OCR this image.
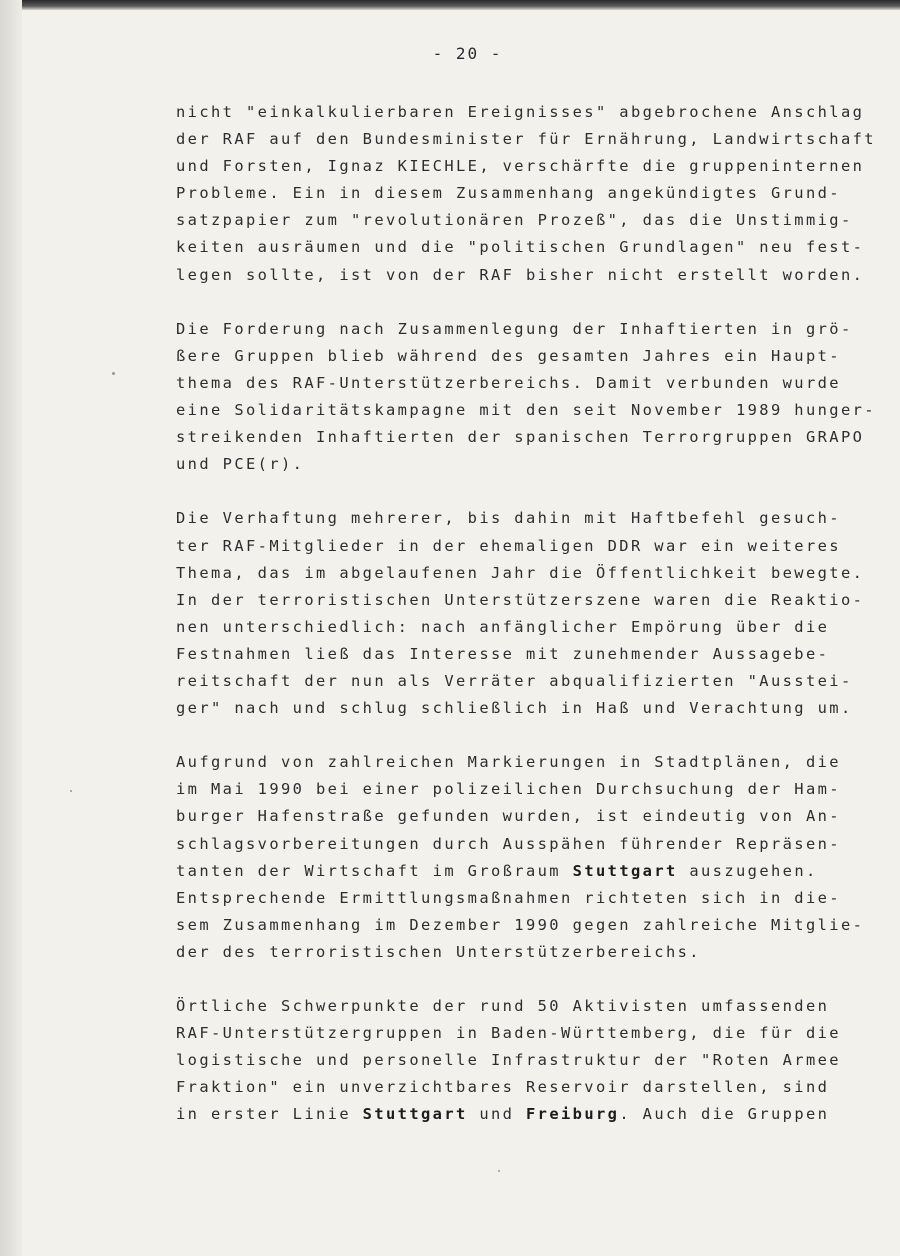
- 20 -
nicht "einkalkulierbaren Ereignisses" abgebrochene Anschlag
der RAF auf den Bundesminister für Ernährung, Landwirtschaft
und Forsten, Ignaz KIECHLE, verschärfte die gruppeninternen
Probleme. Ein in diesem Zusammenhang angekündigtes Grund-
satzpapier zum "revolutionären Prozeß", das die Unstimmig-
keiten ausräumen und die "politischen Grundlagen" neu fest-
legen sollte, ist von der RAF bisher nicht erstellt worden.
Die Forderung nach Zusammenlegung der Inhaftierten in grö-
ßere Gruppen blieb während des gesamten Jahres ein Haupt-
thema des RAF-Unterstützerbereichs. Damit verbunden wurde
eine Solidaritätskampagne mit den seit November 1989 hunger-
streikenden Inhaftierten der spanischen Terrorgruppen GRAPO
und PCE(r).
Die Verhaftung mehrerer, bis dahin mit Haftbefehl gesuch-
ter RAF-Mitglieder in der ehemaligen DDR war ein weiteres
Thema, das im abgelaufenen Jahr die Öffentlichkeit bewegte.
In der terroristischen Unterstützerszene waren die Reaktio-
nen unterschiedlich: nach anfänglicher Empörung über die
Festnahmen ließ das Interesse mit zunehmender Aussagebe-
reitschaft der nun als Verräter abqualifizierten "Ausstei-
ger" nach und schlug schließlich in Haß und Verachtung um.
Aufgrund von zahlreichen Markierungen in Stadtplänen, die
im Mai 1990 bei einer polizeilichen Durchsuchung der Ham-
burger Hafenstraße gefunden wurden, ist eindeutig von An-
schlagsvorbereitungen durch Ausspähen führender Repräsen-
tanten der Wirtschaft im Großraum Stuttgart auszugehen.
Entsprechende Ermittlungsmaßnahmen richteten sich in die-
sem Zusammenhang im Dezember 1990 gegen zahlreiche Mitglie-
der des terroristischen Unterstützerbereichs.
Örtliche Schwerpunkte der rund 50 Aktivisten umfassenden
RAF-Unterstützergruppen in Baden-Württemberg, die für die
logistische und personelle Infrastruktur der "Roten Armee
Fraktion" ein unverzichtbares Reservoir darstellen, sind
in erster Linie Stuttgart und Freiburg. Auch die Gruppen
